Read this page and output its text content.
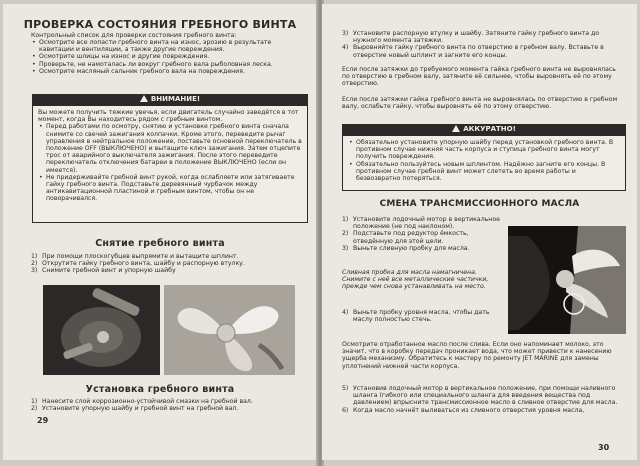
ПРОВЕРКА СОСТОЯНИЯ ГРЕБНОГО ВИНТА
Контрольный список для проверки состояния гребного винта:
• Осмотрите все лопасти гребного винта на износ, эрозию в результате кавитации и вентиляции, а также другие повреждения.
• Осмотрите шлицы на износ и другие повреждения.
• Проверьте, не намоталась ли вокруг гребного вала рыболовная леска.
• Осмотрите масляный сальник гребного вала на повреждения.
ВНИМАНИЕ!
Вы можете получить тяжкие увечья, если двигатель случайно заведётся в тот момент, когда Вы находитесь рядом с гребным винтом.
• Перед работами по осмотру, снятию и установке гребного винта сначала снимите со свечей зажигания колпачки. Кроме этого, переведите рычаг управления в нейтральное положение, поставьте основной переключатель в положение OFF (ВЫКЛЮЧЕНО) и вытащите ключ зажигания. Затем отцепите трос от аварийного выключателя зажигания. После этого переведите переключатель отключения батареи в положение ВЫКЛЮЧЕНО (если он имеется).
• Не придерживайте гребной винт рукой, когда ослабляете или затягиваете гайку гребного винта. Подставьте деревянный чурбачок между антикавитационной пластиной и гребным винтом, чтобы он не поворачивался.
Снятие гребного винта
1) При помощи плоскогубцев выпрямите и вытащите шплинт.
2) Открутите гайку гребного винта, шайбу и распорную втулку.
3) Снимите гребной винт и упорную шайбу
Установка гребного винта
1) Нанесите слой коррозионно-устойчивой смазки на гребной вал.
2) Установите упорную шайбу и гребной винт на гребной вал.
29
3) Установите распорную втулку и шайбу. Затяните гайку гребного винта до нужного момента затяжки.
4) Выровняйте гайку гребного винта по отверстию в гребном валу. Вставьте в отверстие новый шплинт и загните его концы.
Если после затяжки до требуемого момента гайка гребного винта не выровнялась по отверстию в гребном валу, затяните её сильнее, чтобы выровнять её по этому отверстию.
Если после затяжки гайка гребного винта не выровнялась по отверстию в гребном валу, ослабьте гайку, чтобы выровнять её по этому отверстию.
АККУРАТНО!
• Обязательно установите упорную шайбу перед установкой гребного винта. В противном случае нижняя часть корпуса и ступица гребного винта могут получить повреждения.
• Обязательно пользуйтесь новым шплинтом. Надёжно загните его концы. В противном случае гребной винт может слететь во время работы и безвозвратно потеряться.
СМЕНА ТРАНСМИССИОННОГО МАСЛА
1) Установите лодочный мотор в вертикальное положение (не под наклоном).
2) Подставьте под редуктор ёмкость, отведённую для этой цели.
3) Выньте сливную пробку для масла.
Сливная пробка для масла намагничена. Снимите с неё все металлические частички, прежде чем снова устанавливать на место.
4) Выньте пробку уровня масла, чтобы дать маслу полностью стечь.
Осмотрите отработанное масло после слива. Если оно напоминает молоко, это значит, что в коробку передач проникает вода, что может привести к нанесению ущерба механизму. Обратитесь к мастеру по ремонту JET MARINE для замены уплотнений нижней части корпуса.
5) Установив лодочный мотор в вертикальное положение, при помощи наливного шланга (гибкого или специального шланга для введения вещества под давлением) впрысните трансмиссионное масло в сливное отверстие для масла.
6) Когда масло начнёт выливаться из сливного отверстия уровня масла,
30
